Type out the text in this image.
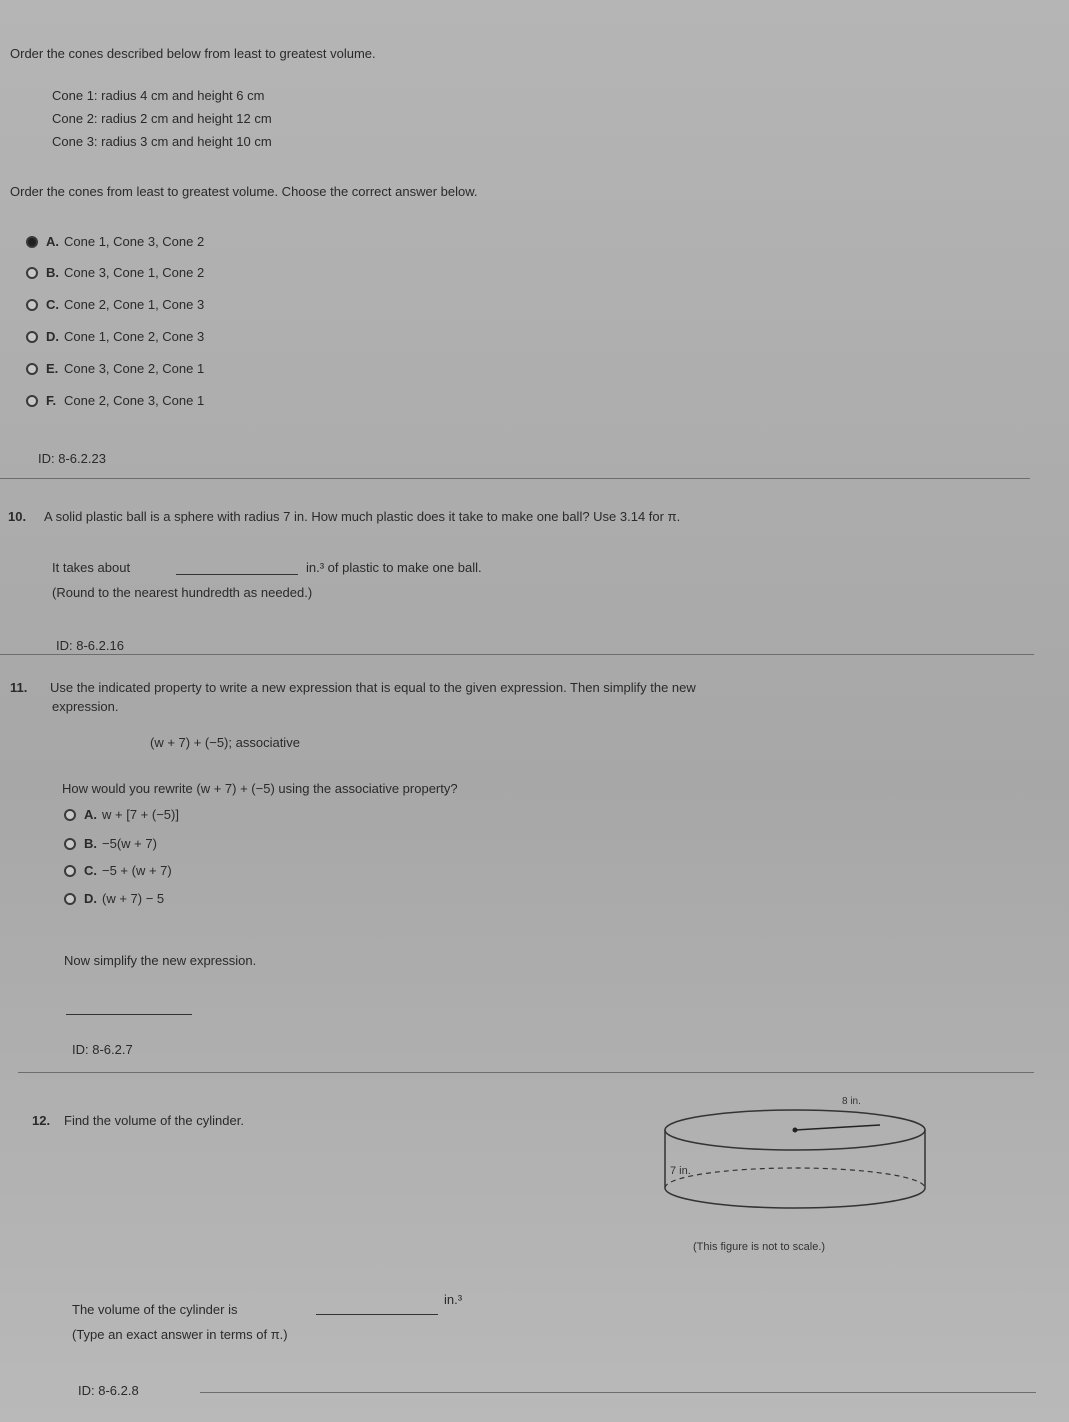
Order the cones described below from least to greatest volume.
Cone 1: radius 4 cm and height 6 cm
Cone 2: radius 2 cm and height 12 cm
Cone 3: radius 3 cm and height 10 cm
Order the cones from least to greatest volume. Choose the correct answer below.
A. Cone 1, Cone 3, Cone 2
B. Cone 3, Cone 1, Cone 2
C. Cone 2, Cone 1, Cone 3
D. Cone 1, Cone 2, Cone 3
E. Cone 3, Cone 2, Cone 1
F. Cone 2, Cone 3, Cone 1
ID: 8-6.2.23
10. A solid plastic ball is a sphere with radius 7 in. How much plastic does it take to make one ball? Use 3.14 for π.
It takes about	in.³ of plastic to make one ball.
(Round to the nearest hundredth as needed.)
ID: 8-6.2.16
11. Use the indicated property to write a new expression that is equal to the given expression. Then simplify the new
expression.
(w + 7) + (−5); associative
How would you rewrite (w + 7) + (−5) using the associative property?
A. w + [7 + (−5)]
B. −5(w + 7)
C. −5 + (w + 7)
D. (w + 7) − 5
Now simplify the new expression.
ID: 8-6.2.7
12. Find the volume of the cylinder.
8 in.
7 in.
(This figure is not to scale.)
The volume of the cylinder is
in.³
(Type an exact answer in terms of π.)
ID: 8-6.2.8
